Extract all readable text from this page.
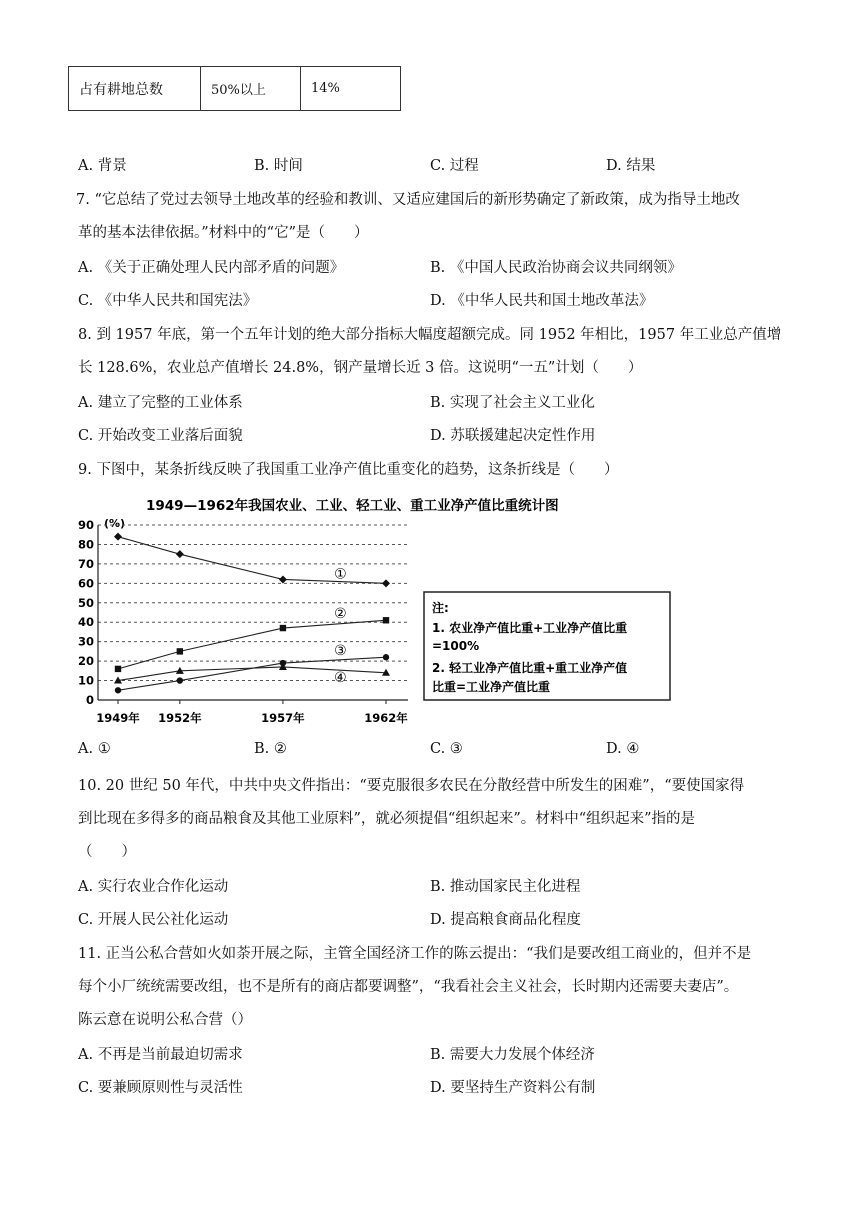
占有耕地总数	50%以上	14%
A. 背景	B. 时间	C. 过程	D. 结果
7. “它总结了党过去领导土地改革的经验和教训、又适应建国后的新形势确定了新政策，成为指导土地改
革的基本法律依据。”材料中的“它”是（　　）
A. 《关于正确处理人民内部矛盾的问题》	B. 《中国人民政治协商会议共同纲领》
C. 《中华人民共和国宪法》	D. 《中华人民共和国土地改革法》
8. 到 1957 年底，第一个五年计划的绝大部分指标大幅度超额完成。同 1952 年相比，1957 年工业总产值增
长 128.6%，农业总产值增长 24.8%，钢产量增长近 3 倍。这说明“一五”计划（　　）
A. 建立了完整的工业体系	B. 实现了社会主义工业化
C. 开始改变工业落后面貌	D. 苏联援建起决定性作用
9. 下图中，某条折线反映了我国重工业净产值比重变化的趋势，这条折线是（　　）
1949—1962年我国农业、工业、轻工业、重工业净产值比重统计图
(%)
0
10
20
30
40
50
60
70
80
90
1949年 1952年	1957年	1962年
①
②
③
④
注:
1. 农业净产值比重+工业净产值比重
=100%
2. 轻工业净产值比重+重工业净产值
比重=工业净产值比重
A. ①	B. ②	C. ③	D. ④
10. 20 世纪 50 年代，中共中央文件指出：“要克服很多农民在分散经营中所发生的困难”，“要使国家得
到比现在多得多的商品粮食及其他工业原料”，就必须提倡“组织起来”。材料中“组织起来”指的是
（　　）
A. 实行农业合作化运动	B. 推动国家民主化进程
C. 开展人民公社化运动	D. 提高粮食商品化程度
11. 正当公私合营如火如荼开展之际，主管全国经济工作的陈云提出：“我们是要改组工商业的，但并不是
每个小厂统统需要改组，也不是所有的商店都要调整”，“我看社会主义社会，长时期内还需要夫妻店”。
陈云意在说明公私合营（）
A. 不再是当前最迫切需求	B. 需要大力发展个体经济
C. 要兼顾原则性与灵活性	D. 要坚持生产资料公有制
